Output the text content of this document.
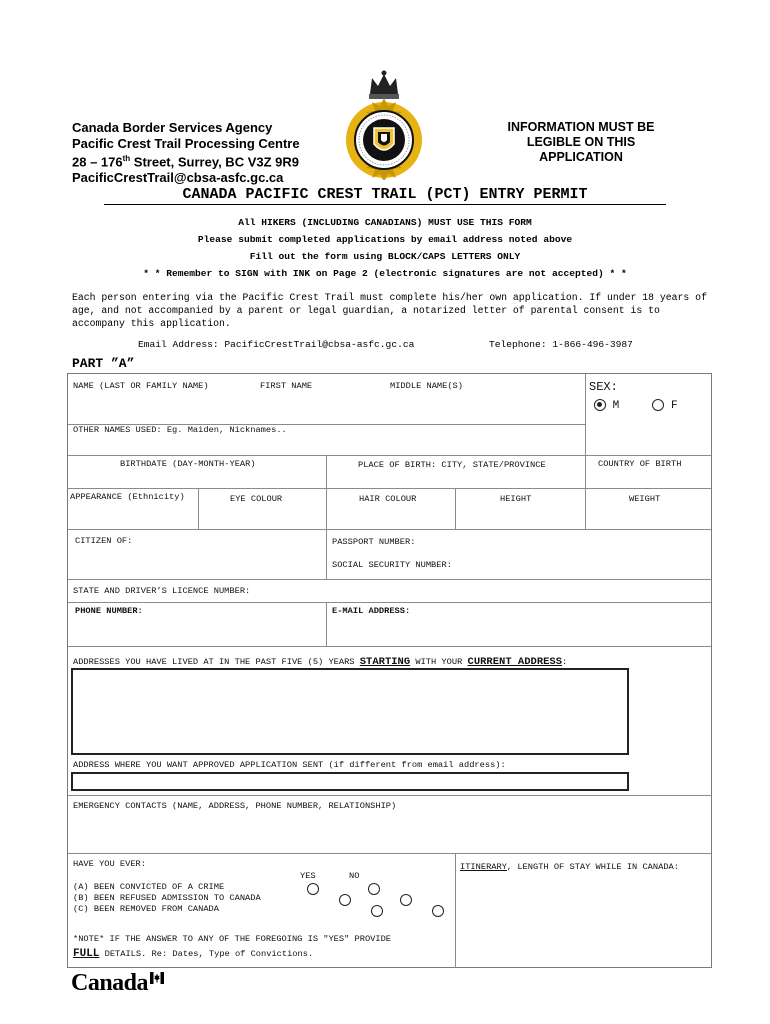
Canada Border Services Agency
Pacific Crest Trail Processing Centre
28 – 176th Street, Surrey, BC V3Z 9R9
PacificCrestTrail@cbsa-asfc.gc.ca
INFORMATION MUST BE
LEGIBLE ON THIS
APPLICATION
CANADA PACIFIC CREST TRAIL (PCT) ENTRY PERMIT
All HIKERS (INCLUDING CANADIANS) MUST USE THIS FORM
Please submit completed applications by email address noted above
Fill out the form using BLOCK/CAPS LETTERS ONLY
* * Remember to SIGN with INK on Page 2 (electronic signatures are not accepted) * *
Each person entering via the Pacific Crest Trail must complete his/her own application. If under 18 years of age, and not accompanied by a parent or legal guardian, a notarized letter of parental consent is to accompany this application.
Email Address: PacificCrestTrail@cbsa-asfc.gc.ca	Telephone: 1-866-496-3987
PART ”A”
NAME (LAST OR FAMILY NAME)	FIRST NAME	MIDDLE NAME(S)	SEX:
M	F
OTHER NAMES USED: Eg. Maiden, Nicknames..
BIRTHDATE (DAY-MONTH-YEAR)	PLACE OF BIRTH: CITY, STATE/PROVINCE	COUNTRY OF BIRTH
APPEARANCE (Ethnicity)	EYE COLOUR	HAIR COLOUR	HEIGHT	WEIGHT
CITIZEN OF:	PASSPORT NUMBER:
SOCIAL SECURITY NUMBER:
STATE AND DRIVER’S LICENCE NUMBER:
PHONE NUMBER:	E-MAIL ADDRESS:
ADDRESSES YOU HAVE LIVED AT IN THE PAST FIVE (5) YEARS STARTING WITH YOUR CURRENT ADDRESS:
ADDRESS WHERE YOU WANT APPROVED APPLICATION SENT (if different from email address):
EMERGENCY CONTACTS (NAME, ADDRESS, PHONE NUMBER, RELATIONSHIP)
HAVE YOU EVER:
YES	NO
(A) BEEN CONVICTED OF A CRIME
(B) BEEN REFUSED ADMISSION TO CANADA
(C) BEEN REMOVED FROM CANADA

*NOTE* IF THE ANSWER TO ANY OF THE FOREGOING IS "YES" PROVIDE
FULL DETAILS. Re: Dates, Type of Convictions.
ITINERARY, LENGTH OF STAY WHILE IN CANADA:
Canada
